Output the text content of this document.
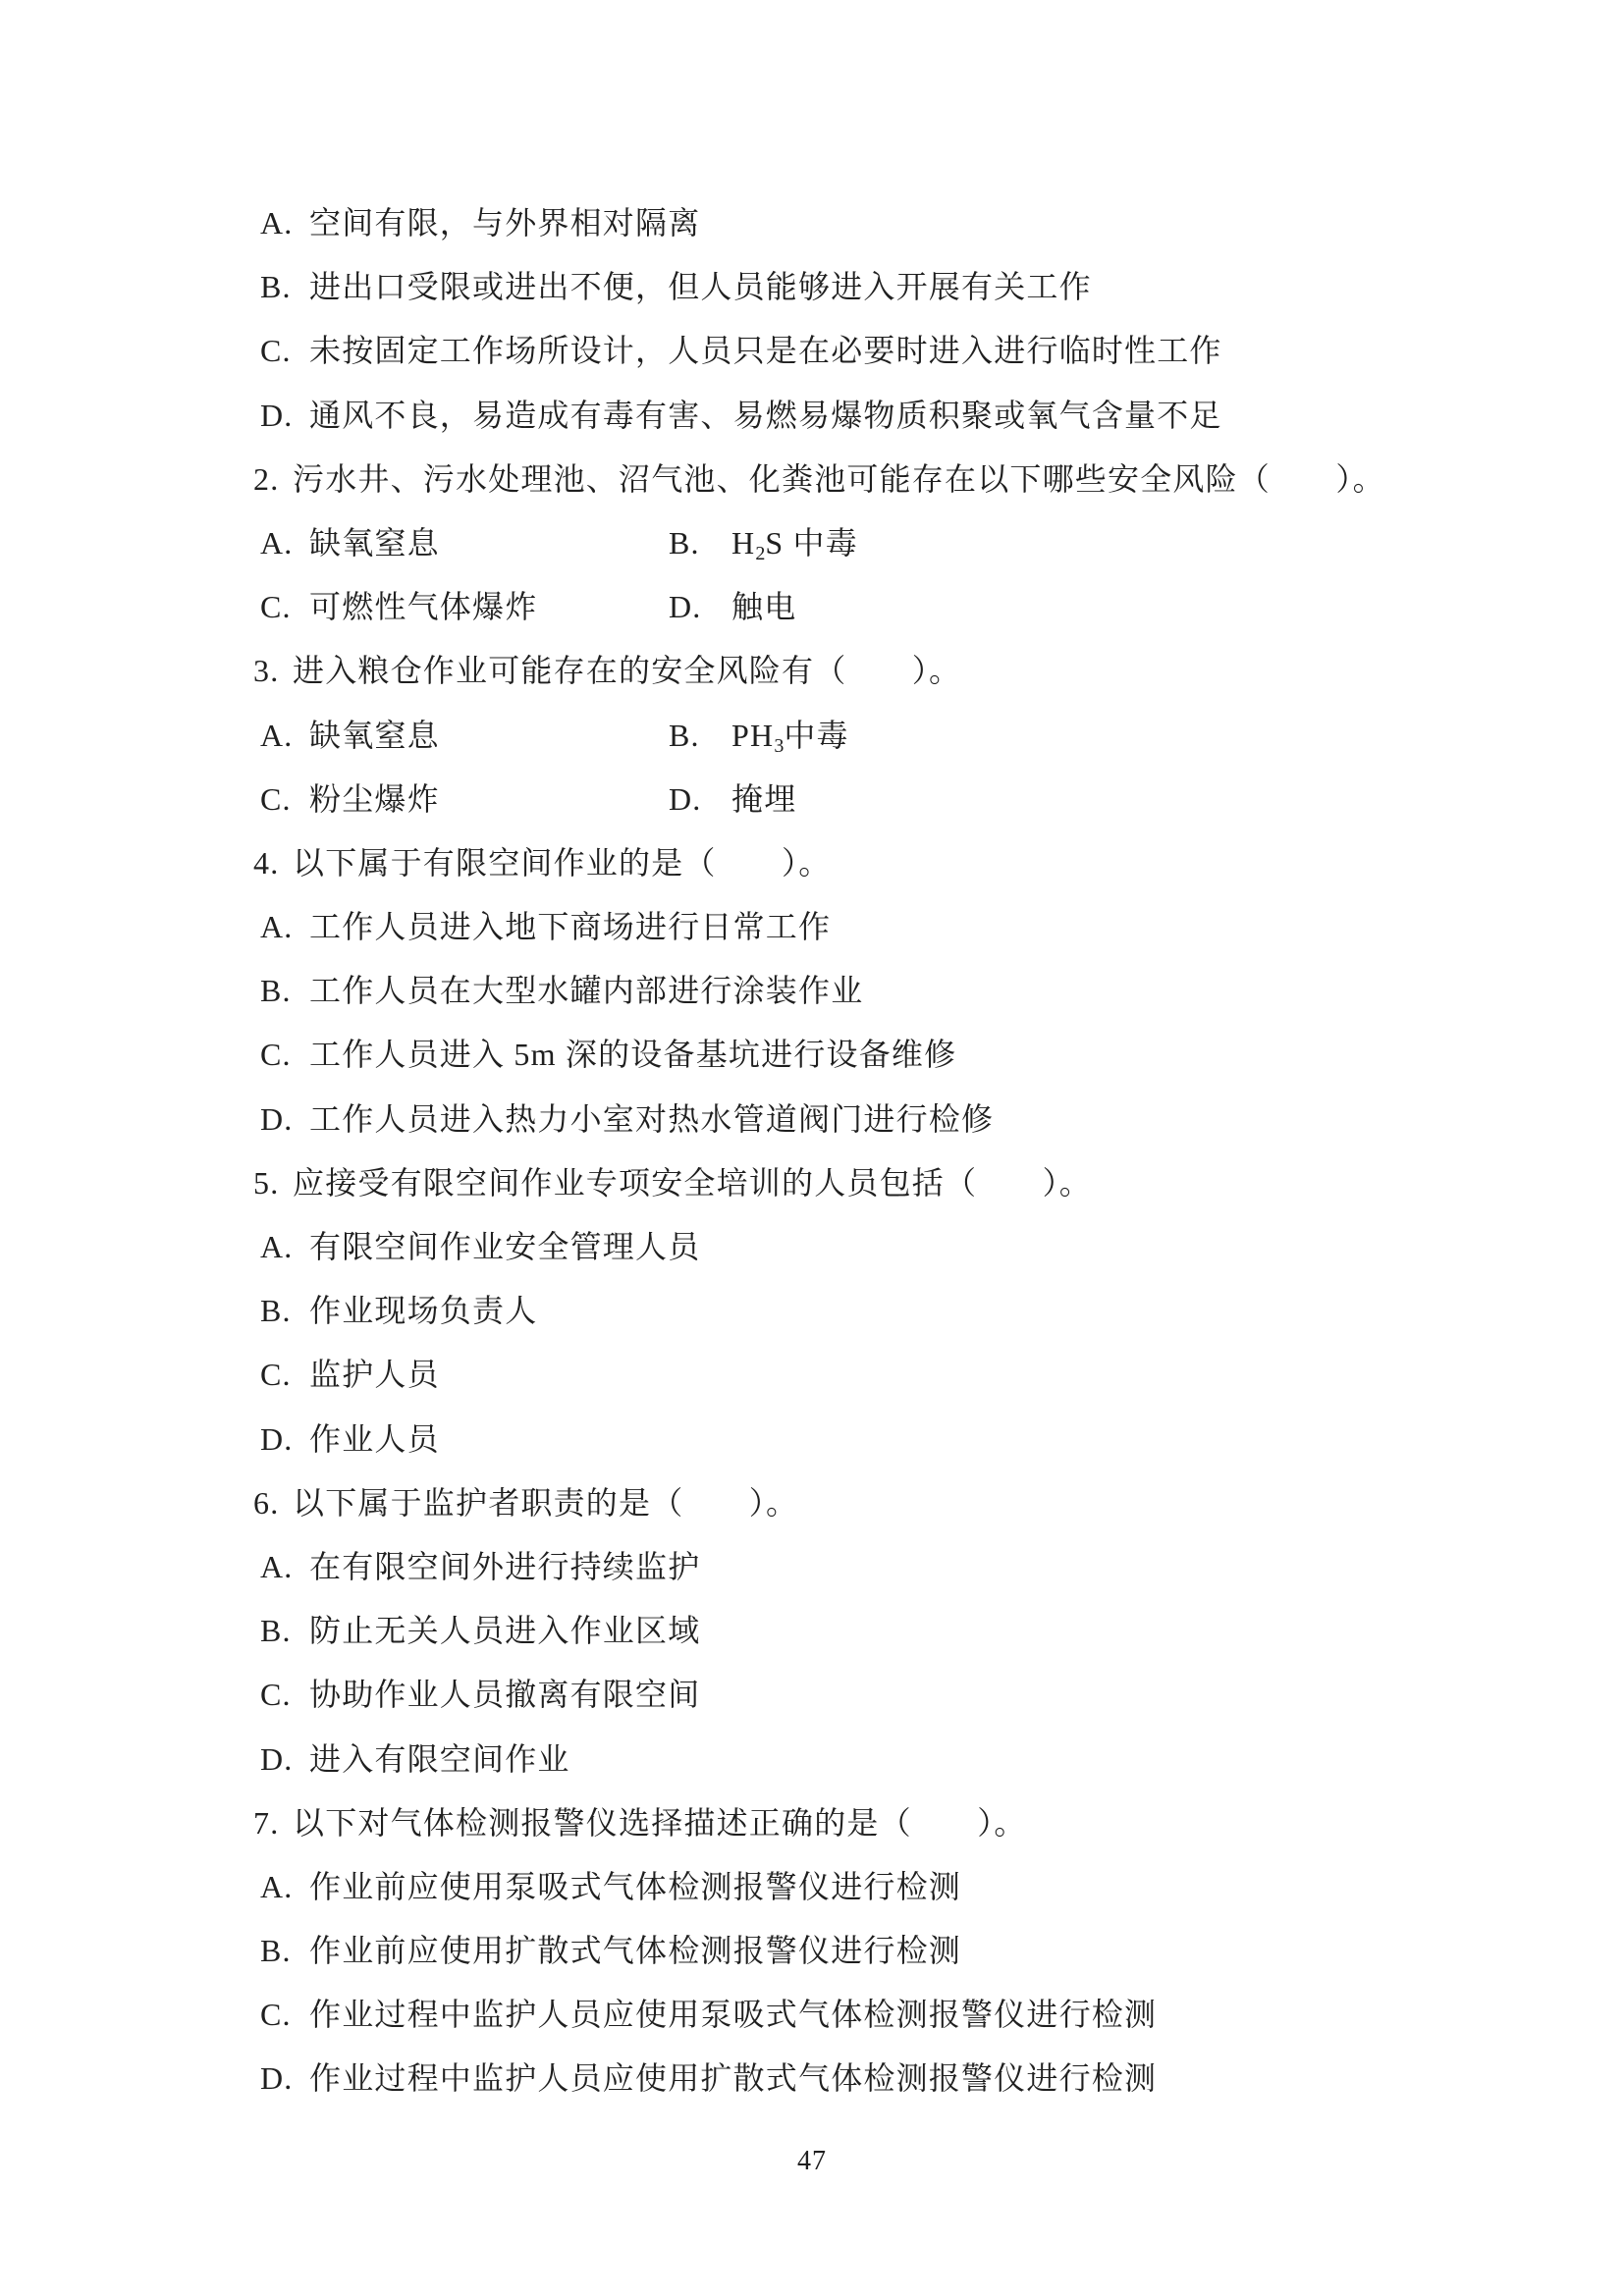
A. 空间有限，与外界相对隔离
B. 进出口受限或进出不便，但人员能够进入开展有关工作
C. 未按固定工作场所设计，人员只是在必要时进入进行临时性工作
D. 通风不良，易造成有毒有害、易燃易爆物质积聚或氧气含量不足
2. 污水井、污水处理池、沼气池、化粪池可能存在以下哪些安全风险（　　）。
A. 缺氧窒息	B. $H_2S$ 中毒
C. 可燃性气体爆炸	D. 触电
3. 进入粮仓作业可能存在的安全风险有（　　）。
A. 缺氧窒息	B. $PH_3$中毒
C. 粉尘爆炸	D. 掩埋
4. 以下属于有限空间作业的是（　　）。
A. 工作人员进入地下商场进行日常工作
B. 工作人员在大型水罐内部进行涂装作业
C. 工作人员进入 5m 深的设备基坑进行设备维修
D. 工作人员进入热力小室对热水管道阀门进行检修
5. 应接受有限空间作业专项安全培训的人员包括（　　）。
A. 有限空间作业安全管理人员
B. 作业现场负责人
C. 监护人员
D. 作业人员
6. 以下属于监护者职责的是（　　）。
A. 在有限空间外进行持续监护
B. 防止无关人员进入作业区域
C. 协助作业人员撤离有限空间
D. 进入有限空间作业
7. 以下对气体检测报警仪选择描述正确的是（　　）。
A. 作业前应使用泵吸式气体检测报警仪进行检测
B. 作业前应使用扩散式气体检测报警仪进行检测
C. 作业过程中监护人员应使用泵吸式气体检测报警仪进行检测
D. 作业过程中监护人员应使用扩散式气体检测报警仪进行检测
47
